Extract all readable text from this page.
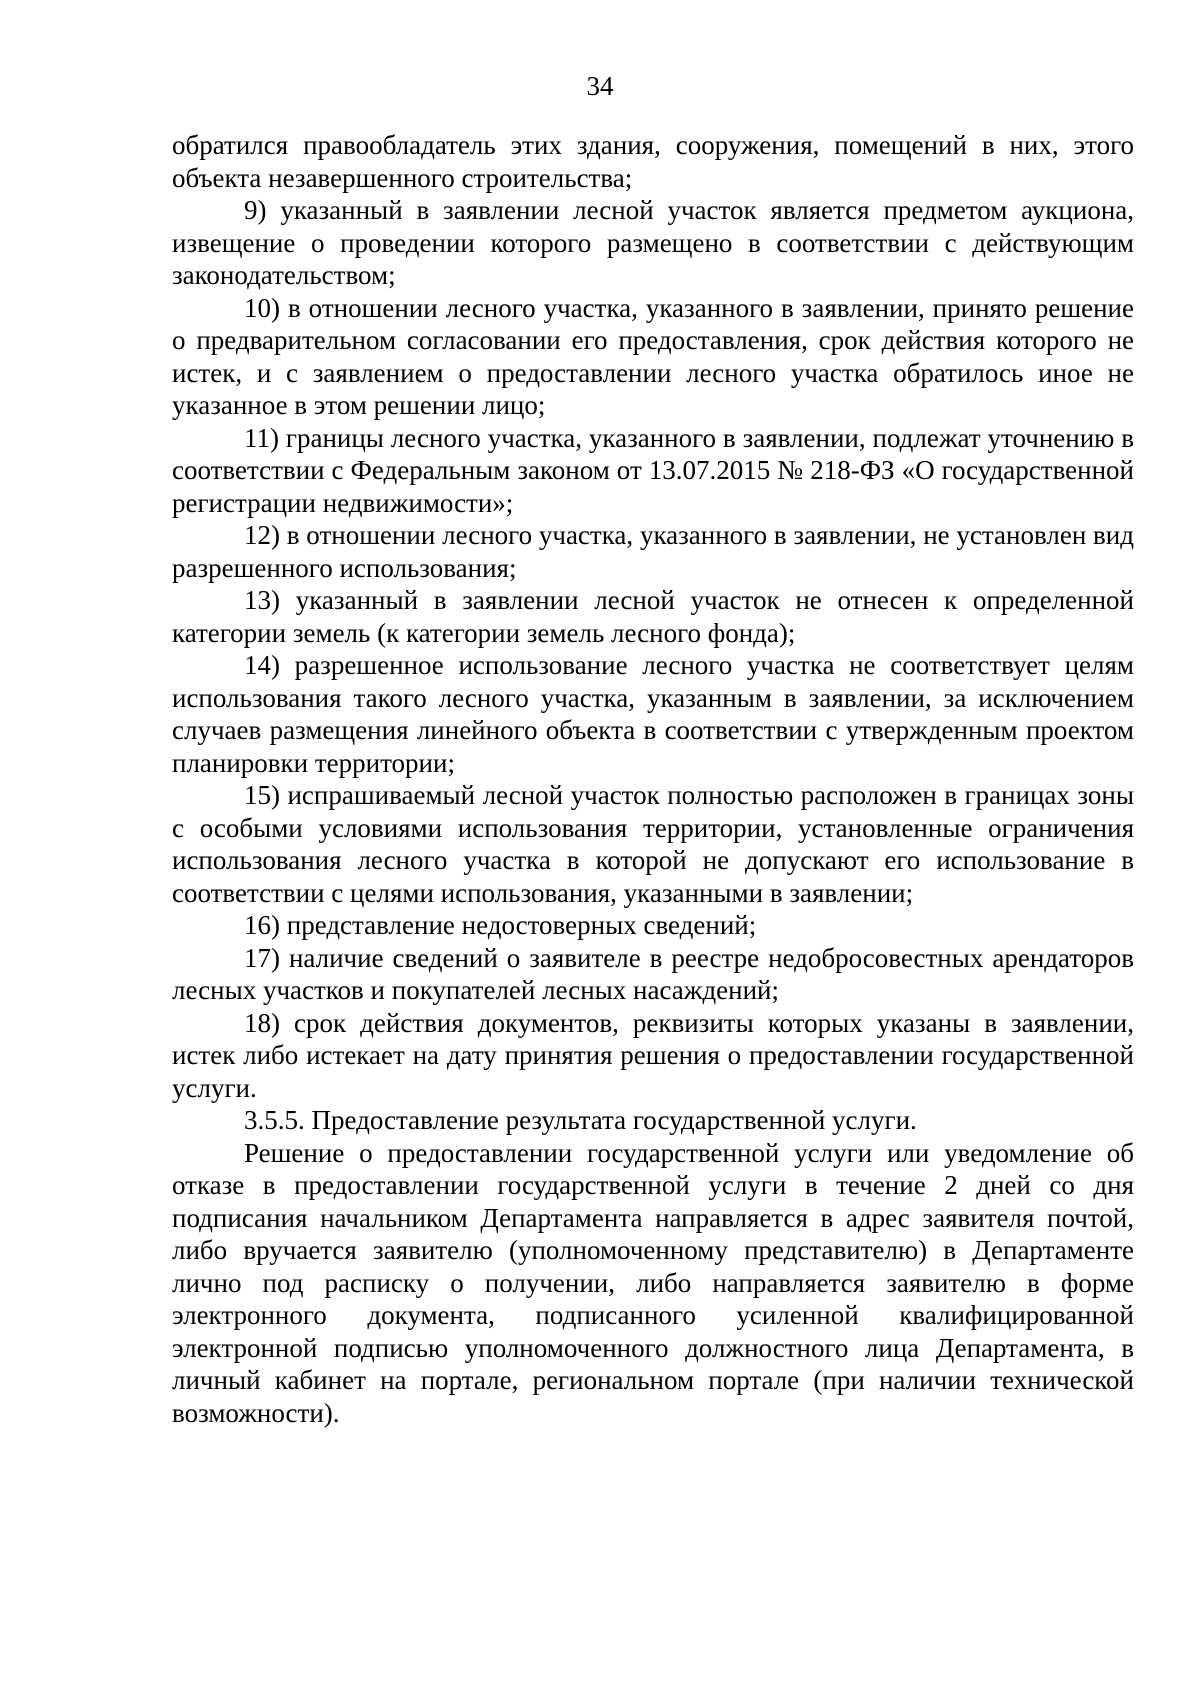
34

обратился правообладатель этих здания, сооружения, помещений в них, этого объекта незавершенного строительства;

9) указанный в заявлении лесной участок является предметом аукциона, извещение о проведении которого размещено в соответствии с действующим законодательством;

10) в отношении лесного участка, указанного в заявлении, принято решение о предварительном согласовании его предоставления, срок действия которого не истек, и с заявлением о предоставлении лесного участка обратилось иное не указанное в этом решении лицо;

11) границы лесного участка, указанного в заявлении, подлежат уточнению в соответствии с Федеральным законом от 13.07.2015 № 218-ФЗ «О государственной регистрации недвижимости»;

12) в отношении лесного участка, указанного в заявлении, не установлен вид разрешенного использования;

13) указанный в заявлении лесной участок не отнесен к определенной категории земель (к категории земель лесного фонда);

14) разрешенное использование лесного участка не соответствует целям использования такого лесного участка, указанным в заявлении, за исключением случаев размещения линейного объекта в соответствии с утвержденным проектом планировки территории;

15) испрашиваемый лесной участок полностью расположен в границах зоны с особыми условиями использования территории, установленные ограничения использования лесного участка в которой не допускают его использование в соответствии с целями использования, указанными в заявлении;

16) представление недостоверных сведений;

17) наличие сведений о заявителе в реестре недобросовестных арендаторов лесных участков и покупателей лесных насаждений;

18) срок действия документов, реквизиты которых указаны в заявлении, истек либо истекает на дату принятия решения о предоставлении государственной услуги.

3.5.5. Предоставление результата государственной услуги.

Решение о предоставлении государственной услуги или уведомление об отказе в предоставлении государственной услуги в течение 2 дней со дня подписания начальником Департамента направляется в адрес заявителя почтой, либо вручается заявителю (уполномоченному представителю) в Департаменте лично под расписку о получении, либо направляется заявителю в форме электронного документа, подписанного усиленной квалифицированной электронной подписью уполномоченного должностного лица Департамента, в личный кабинет на портале, региональном портале (при наличии технической возможности).
